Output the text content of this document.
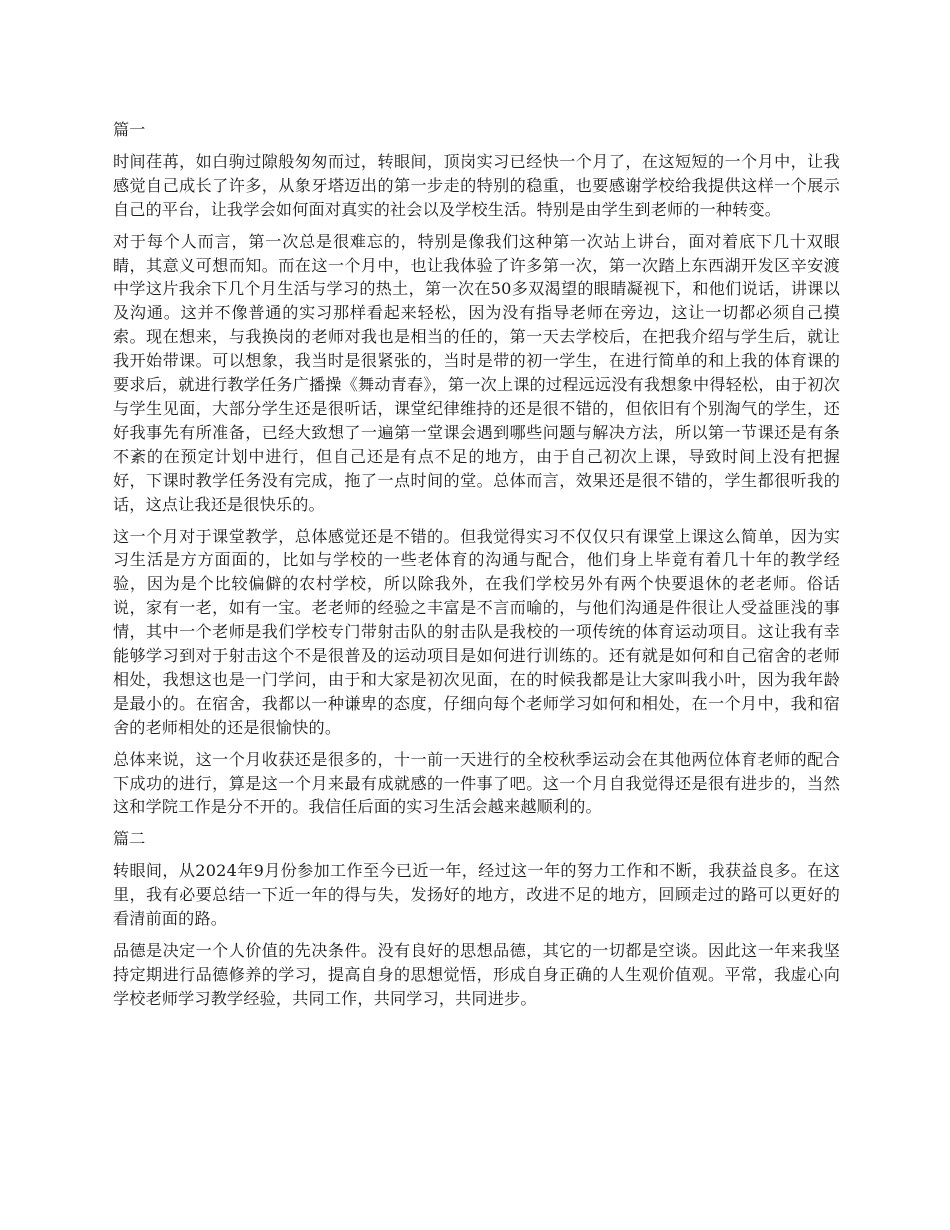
篇一

时间荏苒，如白驹过隙般匆匆而过，转眼间，顶岗实习已经快一个月了，在这短短的一个月中，让我感觉自己成长了许多，从象牙塔迈出的第一步走的特别的稳重，也要感谢学校给我提供这样一个展示自己的平台，让我学会如何面对真实的社会以及学校生活。特别是由学生到老师的一种转变。

对于每个人而言，第一次总是很难忘的，特别是像我们这种第一次站上讲台，面对着底下几十双眼睛，其意义可想而知。而在这一个月中，也让我体验了许多第一次，第一次踏上东西湖开发区辛安渡中学这片我余下几个月生活与学习的热土，第一次在50多双渴望的眼睛凝视下，和他们说话，讲课以及沟通。这并不像普通的实习那样看起来轻松，因为没有指导老师在旁边，这让一切都必须自己摸索。现在想来，与我换岗的老师对我也是相当的任的，第一天去学校后，在把我介绍与学生后，就让我开始带课。可以想象，我当时是很紧张的，当时是带的初一学生，在进行简单的和上我的体育课的要求后，就进行教学任务广播操《舞动青春》，第一次上课的过程远远没有我想象中得轻松，由于初次与学生见面，大部分学生还是很听话，课堂纪律维持的还是很不错的，但依旧有个别淘气的学生，还好我事先有所准备，已经大致想了一遍第一堂课会遇到哪些问题与解决方法，所以第一节课还是有条不紊的在预定计划中进行，但自己还是有点不足的地方，由于自己初次上课，导致时间上没有把握好，下课时教学任务没有完成，拖了一点时间的堂。总体而言，效果还是很不错的，学生都很听我的话，这点让我还是很快乐的。

这一个月对于课堂教学，总体感觉还是不错的。但我觉得实习不仅仅只有课堂上课这么简单，因为实习生活是方方面面的，比如与学校的一些老体育的沟通与配合，他们身上毕竟有着几十年的教学经验，因为是个比较偏僻的农村学校，所以除我外，在我们学校另外有两个快要退休的老老师。俗话说，家有一老，如有一宝。老老师的经验之丰富是不言而喻的，与他们沟通是件很让人受益匪浅的事情，其中一个老师是我们学校专门带射击队的射击队是我校的一项传统的体育运动项目。这让我有幸能够学习到对于射击这个不是很普及的运动项目是如何进行训练的。还有就是如何和自己宿舍的老师相处，我想这也是一门学问，由于和大家是初次见面，在的时候我都是让大家叫我小叶，因为我年龄是最小的。在宿舍，我都以一种谦卑的态度，仔细向每个老师学习如何和相处，在一个月中，我和宿舍的老师相处的还是很愉快的。

总体来说，这一个月收获还是很多的，十一前一天进行的全校秋季运动会在其他两位体育老师的配合下成功的进行，算是这一个月来最有成就感的一件事了吧。这一个月自我觉得还是很有进步的，当然这和学院工作是分不开的。我信任后面的实习生活会越来越顺利的。

篇二

转眼间，从2024年9月份参加工作至今已近一年，经过这一年的努力工作和不断，我获益良多。在这里，我有必要总结一下近一年的得与失，发扬好的地方，改进不足的地方，回顾走过的路可以更好的看清前面的路。

品德是决定一个人价值的先决条件。没有良好的思想品德，其它的一切都是空谈。因此这一年来我坚持定期进行品德修养的学习，提高自身的思想觉悟，形成自身正确的人生观价值观。平常，我虚心向学校老师学习教学经验，共同工作，共同学习，共同进步。
